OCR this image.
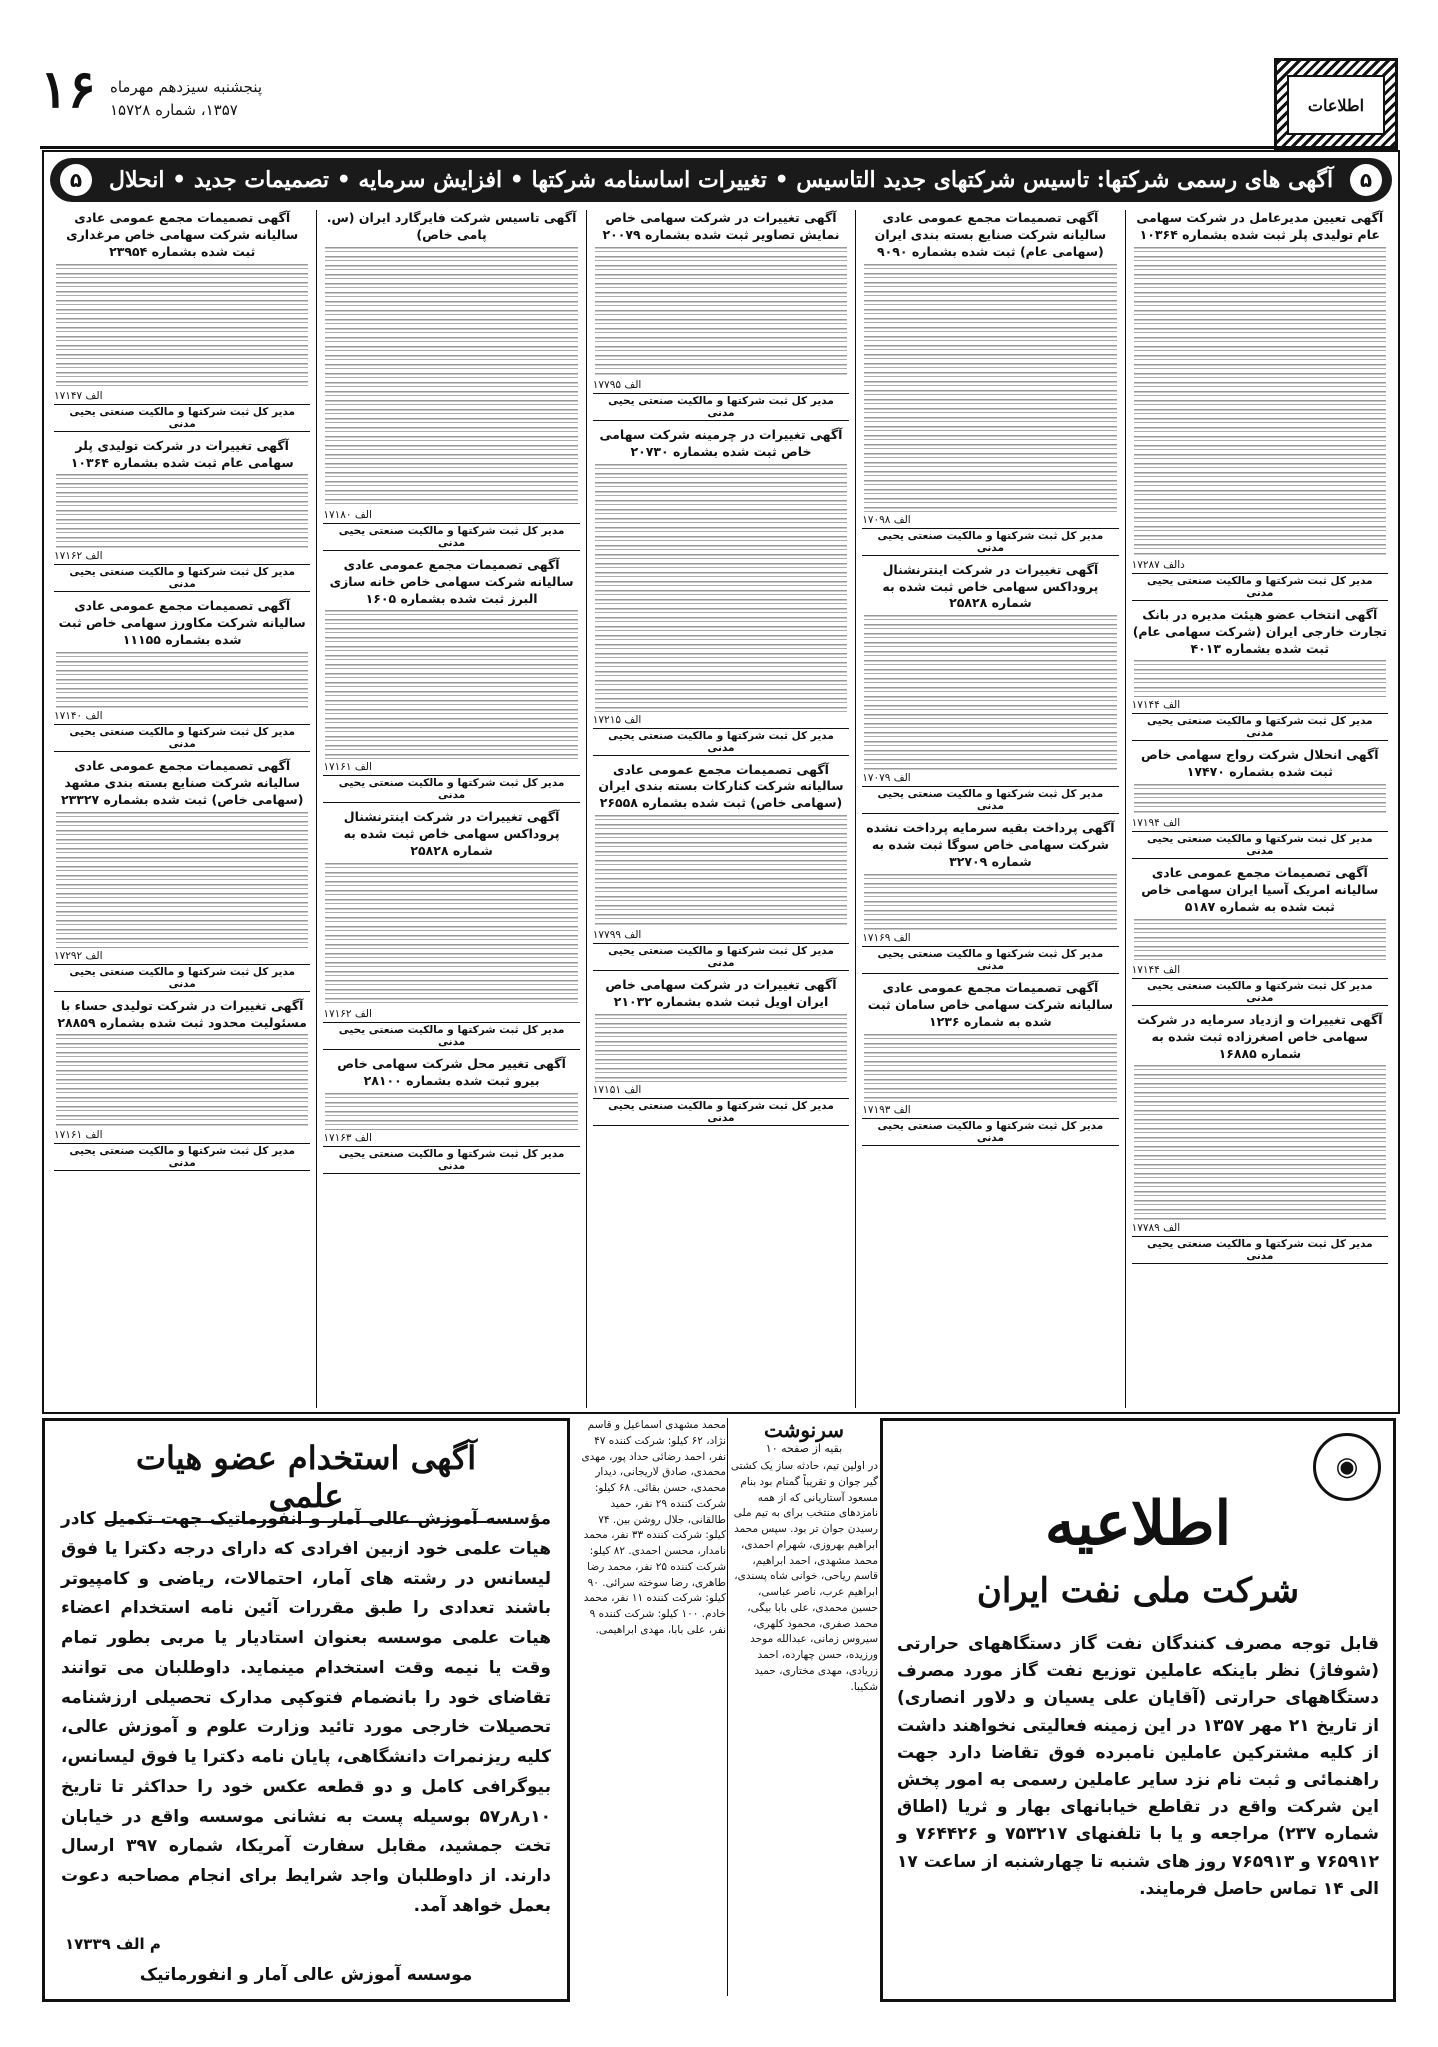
۱۶ پنجشنبه سیزدهم مهرماه
۱۳۵۷، شماره ۱۵۷۲۸	اطلاعات
۵
آگهی های رسمی شرکتها: تاسیس شرکتهای جدید التاسیس • تغییرات اساسنامه شرکتها • افزایش سرمایه • تصمیمات جدید • انحلال
۵
آگهی تعیین مدیرعامل در شرکت سهامی عام تولیدی پلر ثبت شده بشماره ۱۰۳۶۴
دالف ۱۷۲۸۷
مدیر کل ثبت شرکتها و مالکیت صنعتی یحیی مدنی
آگهی انتخاب عضو هیئت مدیره در بانک تجارت خارجی ایران (شرکت سهامی عام) ثبت شده بشماره ۴۰۱۳
الف ۱۷۱۴۴
مدیر کل ثبت شرکتها و مالکیت صنعتی یحیی مدنی
آگهی انحلال شرکت رواج سهامی خاص ثبت شده بشماره ۱۷۴۷۰
الف ۱۷۱۹۴
مدیر کل ثبت شرکتها و مالکیت صنعتی یحیی مدنی
آگهی تصمیمات مجمع عمومی عادی سالیانه امریک آسیا ایران سهامی خاص ثبت شده به شماره ۵۱۸۷
الف ۱۷۱۴۴
مدیر کل ثبت شرکتها و مالکیت صنعتی یحیی مدنی
آگهی تغییرات و ازدیاد سرمایه در شرکت سهامی خاص اصغرزاده ثبت شده به شماره ۱۶۸۸۵
الف ۱۷۷۸۹
مدیر کل ثبت شرکتها و مالکیت صنعتی یحیی مدنی
آگهی تصمیمات مجمع عمومی عادی سالیانه شرکت صنایع بسته بندی ایران (سهامی عام) ثبت شده بشماره ۹۰۹۰
الف ۱۷۰۹۸
مدیر کل ثبت شرکتها و مالکیت صنعتی یحیی مدنی
آگهی تغییرات در شرکت اینترنشنال پروداکس سهامی خاص ثبت شده به شماره ۲۵۸۲۸
الف ۱۷۰۷۹
مدیر کل ثبت شرکتها و مالکیت صنعتی یحیی مدنی
آگهی پرداخت بقیه سرمایه پرداخت نشده شرکت سهامی خاص سوگا ثبت شده به شماره ۳۲۷۰۹
الف ۱۷۱۶۹
مدیر کل ثبت شرکتها و مالکیت صنعتی یحیی مدنی
آگهی تصمیمات مجمع عمومی عادی سالیانه شرکت سهامی خاص سامان ثبت شده به شماره ۱۲۳۶
الف ۱۷۱۹۳
مدیر کل ثبت شرکتها و مالکیت صنعتی یحیی مدنی
آگهی تغییرات در شرکت سهامی خاص نمایش تصاویر ثبت شده بشماره ۲۰۰۷۹
الف ۱۷۷۹۵
مدیر کل ثبت شرکتها و مالکیت صنعتی یحیی مدنی
آگهی تغییرات در چرمینه شرکت سهامی خاص ثبت شده بشماره ۲۰۷۳۰
الف ۱۷۲۱۵
مدیر کل ثبت شرکتها و مالکیت صنعتی یحیی مدنی
آگهی تصمیمات مجمع عمومی عادی سالیانه شرکت کنارکات بسته بندی ایران (سهامی خاص) ثبت شده بشماره ۲۶۵۵۸
الف ۱۷۷۹۹
مدیر کل ثبت شرکتها و مالکیت صنعتی یحیی مدنی
آگهی تغییرات در شرکت سهامی خاص ایران اویل ثبت شده بشماره ۲۱۰۳۲
الف ۱۷۱۵۱
مدیر کل ثبت شرکتها و مالکیت صنعتی یحیی مدنی
آگهی تاسیس شرکت فایرگارد ایران (س. پامی خاص)
الف ۱۷۱۸۰
مدیر کل ثبت شرکتها و مالکیت صنعتی یحیی مدنی
آگهی تصمیمات مجمع عمومی عادی سالیانه شرکت سهامی خاص خانه سازی البرز ثبت شده بشماره ۱۶۰۵
الف ۱۷۱۶۱
مدیر کل ثبت شرکتها و مالکیت صنعتی یحیی مدنی
آگهی تغییرات در شرکت اینترنشنال پروداکس سهامی خاص ثبت شده به شماره ۲۵۸۲۸
الف ۱۷۱۶۲
مدیر کل ثبت شرکتها و مالکیت صنعتی یحیی مدنی
آگهی تغییر محل شرکت سهامی خاص بیرو ثبت شده بشماره ۲۸۱۰۰
الف ۱۷۱۶۳
مدیر کل ثبت شرکتها و مالکیت صنعتی یحیی مدنی
آگهی تصمیمات مجمع عمومی عادی سالیانه شرکت سهامی خاص مرغداری ثبت شده بشماره ۲۳۹۵۴
الف ۱۷۱۴۷
مدیر کل ثبت شرکتها و مالکیت صنعتی یحیی مدنی
آگهی تغییرات در شرکت تولیدی پلر سهامی عام ثبت شده بشماره ۱۰۳۶۴
الف ۱۷۱۶۲
مدیر کل ثبت شرکتها و مالکیت صنعتی یحیی مدنی
آگهی تصمیمات مجمع عمومی عادی سالیانه شرکت مکاورز سهامی خاص ثبت شده بشماره ۱۱۱۵۵
الف ۱۷۱۴۰
مدیر کل ثبت شرکتها و مالکیت صنعتی یحیی مدنی
آگهی تصمیمات مجمع عمومی عادی سالیانه شرکت صنایع بسته بندی مشهد (سهامی خاص) ثبت شده بشماره ۲۳۳۲۷
الف ۱۷۲۹۲
مدیر کل ثبت شرکتها و مالکیت صنعتی یحیی مدنی
آگهی تغییرات در شرکت تولیدی حساء با مسئولیت محدود ثبت شده بشماره ۲۸۸۵۹
الف ۱۷۱۶۱
مدیر کل ثبت شرکتها و مالکیت صنعتی یحیی مدنی
◉
اطلاعیه
شرکت ملی نفت ایران
قابل توجه مصرف کنندگان نفت گاز دستگاههای حرارتی (شوفاژ) نظر باینکه عاملین توزیع نفت گاز مورد مصرف دستگاههای حرارتی (آقایان علی یسیان و دلاور انصاری) از تاریخ ۲۱ مهر ۱۳۵۷ در این زمینه فعالیتی نخواهند داشت از کلیه مشترکین عاملین نامبرده فوق تقاضا دارد جهت راهنمائی و ثبت نام نزد سایر عاملین رسمی به امور پخش این شرکت واقع در تقاطع خیابانهای بهار و ثریا (اطاق شماره ۲۳۷) مراجعه و یا با تلفنهای ۷۵۳۲۱۷ و ۷۶۴۴۲۶ و ۷۶۵۹۱۲ و ۷۶۵۹۱۳ روز های شنبه تا چهارشنبه از ساعت ۱۷ الی ۱۴ تماس حاصل فرمایند.
سرنوشت
بقیه از صفحه ۱۰
در اولین تیم، حادثه ساز یک کشتی گیر جوان و تقریباً گمنام بود بنام مسعود آستاریانی که از همه نامزدهای منتخب برای به تیم ملی رسیدن جوان تر بود. سپس محمد ابراهیم بهروزی، شهرام احمدی، محمد مشهدی، احمد ابراهیم، قاسم ریاحی، خوانی شاه پسندی، ابراهیم عرب، ناصر عباسی، حسین محمدی، علی بابا بیگی، محمد صفری، محمود کلهری، سیروس زمانی، عبدالله موحد ورزیده، حسن چهارده، احمد زریادی، مهدی مختاری، حمید شکیبا.
محمد مشهدی اسماعیل و قاسم نژاد، ۶۲ کیلو: شرکت کننده ۴۷ نفر، احمد رضائی حداد پور، مهدی محمدی، صادق لاریجانی، دیدار محمدی، حسن بقائی. ۶۸ کیلو: شرکت کننده ۲۹ نفر، حمید طالقانی، جلال روشن بین. ۷۴ کیلو: شرکت کننده ۳۳ نفر، محمد نامدار، محسن احمدی. ۸۲ کیلو: شرکت کننده ۲۵ نفر، محمد رضا طاهری، رضا سوخته سرائی. ۹۰ کیلو: شرکت کننده ۱۱ نفر، محمد خادم. ۱۰۰ کیلو: شرکت کننده ۹ نفر، علی بابا، مهدی ابراهیمی.
آگهی استخدام عضو هیات علمی
مؤسسه آموزش عالی آمار و انفورماتیک جهت تکمیل کادر هیات علمی خود ازبین افرادی که دارای درجه دکترا یا فوق لیسانس در رشته های آمار، احتمالات، ریاضی و کامپیوتر باشند تعدادی را طبق مقررات آئین نامه استخدام اعضاء هیات علمی موسسه بعنوان استادیار یا مربی بطور تمام وقت یا نیمه وقت استخدام مینماید. داوطلبان می توانند تقاضای خود را بانضمام فتوکپی مدارک تحصیلی ارزشنامه تحصیلات خارجی مورد تائید وزارت علوم و آموزش عالی، کلیه ریزنمرات دانشگاهی، پایان نامه دکترا یا فوق لیسانس، بیوگرافی کامل و دو قطعه عکس خود را حداکثر تا تاریخ ۱۰ر۸ر۵۷ بوسیله پست به نشانی موسسه واقع در خیابان تخت جمشید، مقابل سفارت آمریکا، شماره ۳۹۷ ارسال دارند. از داوطلبان واجد شرایط برای انجام مصاحبه دعوت بعمل خواهد آمد.
م الف ۱۷۳۳۹
موسسه آموزش عالی آمار و انفورماتیک
